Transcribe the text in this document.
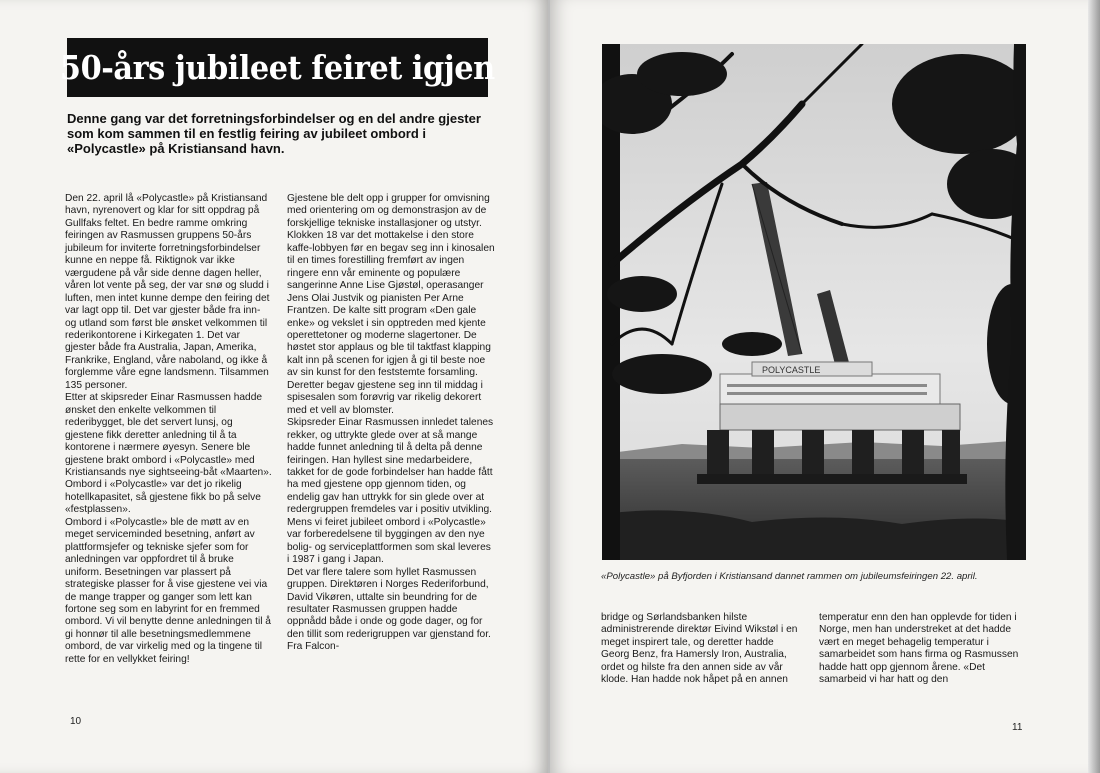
50-års jubileet feiret igjen

Denne gang var det forretningsforbindelser og en del andre gjester som kom sammen til en festlig feiring av jubileet ombord i «Polycastle» på Kristiansand havn.

Den 22. april lå «Polycastle» på Kristiansand havn, nyrenovert og klar for sitt oppdrag på Gullfaks feltet. En bedre ramme omkring feiringen av Rasmussen gruppens 50-års jubileum for inviterte forretningsforbindelser kunne en neppe få. Riktignok var ikke værgudene på vår side denne dagen heller, våren lot vente på seg, der var snø og sludd i luften, men intet kunne dempe den feiring det var lagt opp til. Det var gjester både fra inn- og utland som først ble ønsket velkommen til rederikontorene i Kirkegaten 1. Det var gjester både fra Australia, Japan, Amerika, Frankrike, England, våre naboland, og ikke å forglemme våre egne landsmenn. Tilsammen 135 personer.

Etter at skipsreder Einar Rasmussen hadde ønsket den enkelte velkommen til rederibygget, ble det servert lunsj, og gjestene fikk deretter anledning til å ta kontorene i nærmere øyesyn. Senere ble gjestene brakt ombord i «Polycastle» med Kristiansands nye sightseeing-båt «Maarten». Ombord i «Polycastle» var det jo rikelig hotellkapasitet, så gjestene fikk bo på selve «festplassen».

Ombord i «Polycastle» ble de møtt av en meget serviceminded besetning, anført av plattformsjefer og tekniske sjefer som for anledningen var oppfordret til å bruke uniform. Besetningen var plassert på strategiske plasser for å vise gjestene vei via de mange trapper og ganger som lett kan fortone seg som en labyrint for en fremmed ombord. Vi vil benytte denne anledningen til å gi honnør til alle besetningsmedlemmene ombord, de var virkelig med og la tingene til rette for en vellykket feiring!

Gjestene ble delt opp i grupper for omvisning med orientering om og demonstrasjon av de forskjellige tekniske installasjoner og utstyr. Klokken 18 var det mottakelse i den store kaffe-lobbyen før en begav seg inn i kinosalen til en times forestilling fremført av ingen ringere enn vår eminente og populære sangerinne Anne Lise Gjøstøl, operasanger Jens Olai Justvik og pianisten Per Arne Frantzen. De kalte sitt program «Den gale enke» og vekslet i sin opptreden med kjente operettetoner og moderne slagertoner. De høstet stor applaus og ble til taktfast klapping kalt inn på scenen for igjen å gi til beste noe av sin kunst for den feststemte forsamling.

Deretter begav gjestene seg inn til middag i spisesalen som forøvrig var rikelig dekorert med et vell av blomster.

Skipsreder Einar Rasmussen innledet talenes rekker, og uttrykte glede over at så mange hadde funnet anledning til å delta på denne feiringen. Han hyllest sine medarbeidere, takket for de gode forbindelser han hadde fått ha med gjestene opp gjennom tiden, og endelig gav han uttrykk for sin glede over at redergruppen fremdeles var i positiv utvikling. Mens vi feiret jubileet ombord i «Polycastle» var forberedelsene til byggingen av den nye bolig- og serviceplattformen som skal leveres i 1987 i gang i Japan.

Det var flere talere som hyllet Rasmussen gruppen. Direktøren i Norges Rederiforbund, David Vikøren, uttalte sin beundring for de resultater Rasmussen gruppen hadde oppnådd både i onde og gode dager, og for den tillit som rederigruppen var gjenstand for. Fra Falcon-

10
POLYCASTLE
«Polycastle» på Byfjorden i Kristiansand dannet rammen om jubileumsfeiringen 22. april.

bridge og Sørlandsbanken hilste administrerende direktør Eivind Wikstøl i en meget inspirert tale, og deretter hadde Georg Benz, fra Hamersly Iron, Australia, ordet og hilste fra den annen side av vår klode. Han hadde nok håpet på en annen

temperatur enn den han opplevde for tiden i Norge, men han understreket at det hadde vært en meget behagelig temperatur i samarbeidet som hans firma og Rasmussen hadde hatt opp gjennom årene. «Det samarbeid vi har hatt og den

11
